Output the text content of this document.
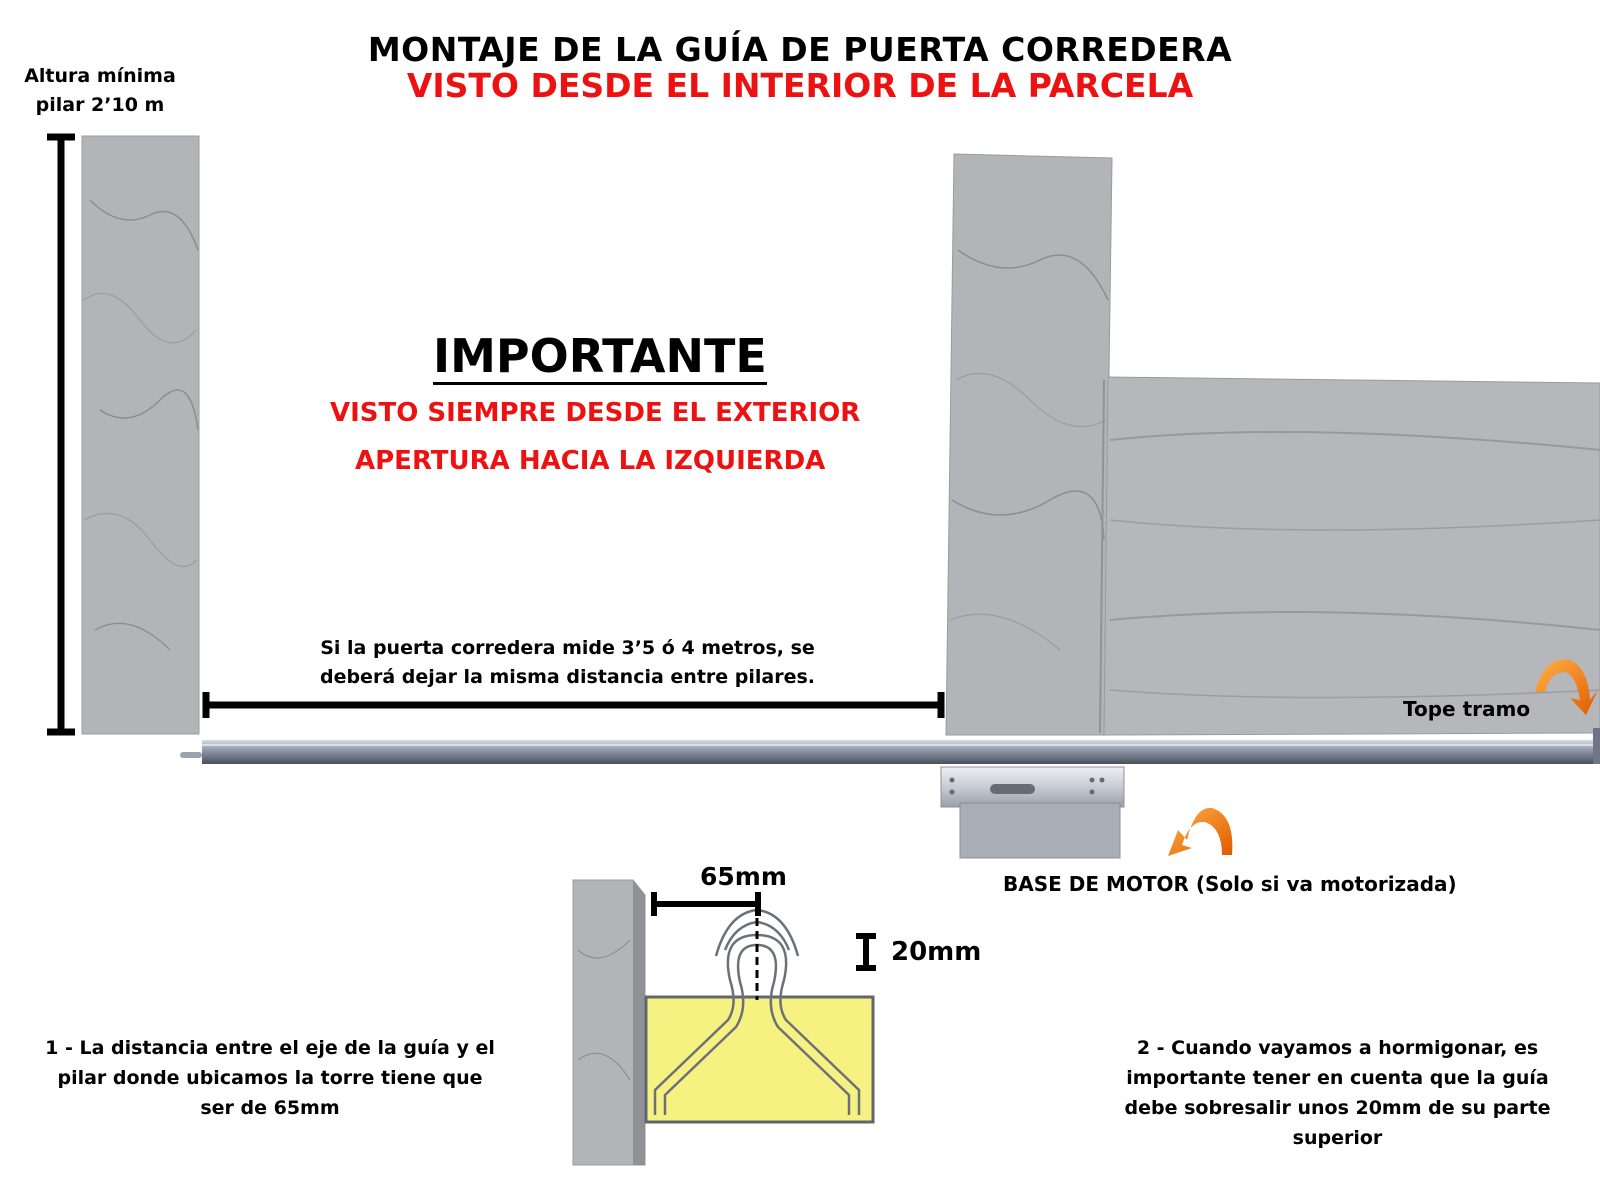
MONTAJE DE LA GUÍA DE PUERTA CORREDERA
VISTO DESDE EL INTERIOR DE LA PARCELA
Altura mínima
pilar 2’10 m
IMPORTANTE
VISTO SIEMPRE DESDE EL EXTERIOR
APERTURA HACIA LA IZQUIERDA
Si la puerta corredera mide 3’5 ó 4 metros, se
deberá dejar la misma distancia entre pilares.
Tope tramo
BASE DE MOTOR (Solo si va motorizada)
65mm
20mm
1 - La distancia entre el eje de la guía y el
pilar donde ubicamos la torre tiene que
ser de 65mm
2 - Cuando vayamos a hormigonar, es
importante tener en cuenta que la guía
debe sobresalir unos 20mm de su parte
superior
